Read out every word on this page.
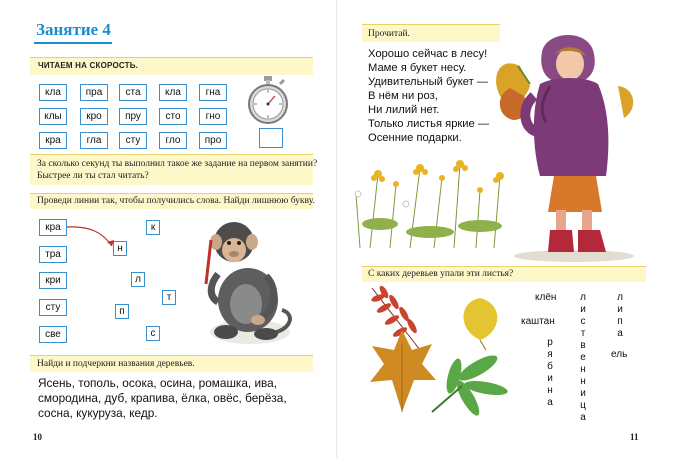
Занятие 4
ЧИТАЕМ НА СКОРОСТЬ.
кла	пра	ста	кла	гна
клы	кро	пру	сто	гно
кра	гла	сту	гло	про
За сколько секунд ты выполнил такое же задание на первом занятии?
Быстрее ли ты стал читать?
Проведи линии так, чтобы получились слова. Найди лишнюю букву.
кра
тра
кри
сту
све
н
к
л
т
п
с
Найди и подчеркни названия деревьев.
Ясень, тополь, осока, осина, ромашка, ива,
смородина, дуб, крапива, ёлка, овёс, берёза,
сосна, кукуруза, кедр.
10
Прочитай.
Хорошо сейчас в лесу!
Маме я букет несу.
Удивительный букет —
В нём ни роз,
Ни лилий нет.
Только листья яркие —
Осенние подарки.
С каких деревьев упали эти листья?
клён
каштан
ель
р
я
б
и
н
а
л
и
с
т
в
е
н
н
и
ц
а
л
и
п
а
11
